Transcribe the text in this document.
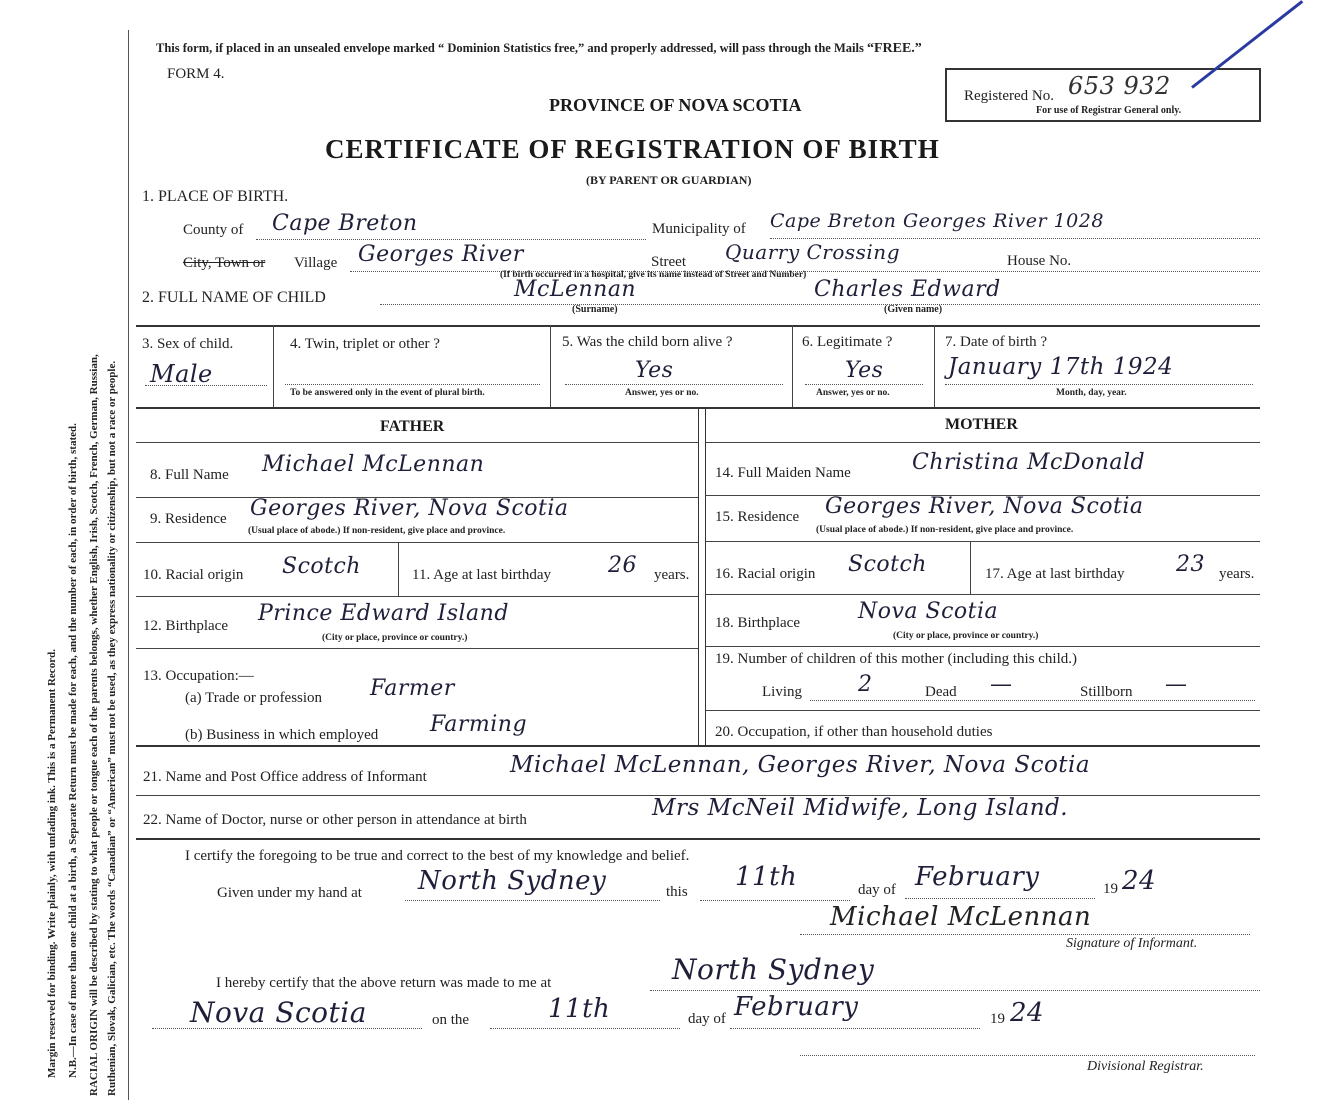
Margin reserved for binding. Write plainly, with unfading ink. This is a Permanent Record. N.B.—In case of more than one child at a birth, a Separate Return must be made for each, and the number of each, in order of birth, stated. RACIAL ORIGIN will be described by stating to what people or tongue each of the parents belongs, whether English, Irish, Scotch, French, German, Russian, Ruthenian, Slovak, Galician, etc. The words “Canadian” or “American” must not be used, as they express nationality or citizenship, but not a race or people.
This form, if placed in an unsealed envelope marked “ Dominion Statistics free,” and properly addressed, will pass through the Mails “FREE.”
FORM 4.
PROVINCE OF NOVA SCOTIA
CERTIFICATE OF REGISTRATION OF BIRTH
(BY PARENT OR GUARDIAN)
Registered No. 653 932
For use of Registrar General only.
1. PLACE OF BIRTH.
County of Cape Breton	Municipality of Cape Breton Georges River 1028
City, Town or Village Georges River	Street Quarry Crossing	House No.
(If birth occurred in a hospital, give its name instead of Street and Number)
2. FULL NAME OF CHILD	McLennan	Charles Edward
(Surname)	(Given name)
3. Sex of child.
Male
4. Twin, triplet or other ?
To be answered only in the event of plural birth.
5. Was the child born alive ?
Yes
Answer, yes or no.
6. Legitimate ?
Yes
Answer, yes or no.
7. Date of birth ?
January 17th 1924
Month, day, year.
FATHER	MOTHER
8. Full Name Michael McLennan
9. Residence Georges River, Nova Scotia
(Usual place of abode.) If non-resident, give place and province.
10. Racial origin Scotch	11. Age at last birthday	26 years.
12. Birthplace Prince Edward Island
(City or place, province or country.)
13. Occupation:—
(a) Trade or profession Farmer
(b) Business in which employed Farming
14. Full Maiden Name	Christina McDonald
15. Residence Georges River, Nova Scotia
(Usual place of abode.) If non-resident, give place and province.
16. Racial origin Scotch	17. Age at last birthday 23 years.
18. Birthplace	Nova Scotia
(City or place, province or country.)
19. Number of children of this mother (including this child.)
Living	2	Dead —	Stillborn —
20. Occupation, if other than household duties
21. Name and Post Office address of Informant	Michael McLennan, Georges River, Nova Scotia
22. Name of Doctor, nurse or other person in attendance at birth	Mrs McNeil Midwife, Long Island.
I certify the foregoing to be true and correct to the best of my knowledge and belief.
Given under my hand at North Sydney	this 11th	day of February	19 24
Michael McLennan
Signature of Informant.
I hereby certify that the above return was made to me at	North Sydney
Nova Scotia	on the	11th	day of February	19 24
Divisional Registrar.
